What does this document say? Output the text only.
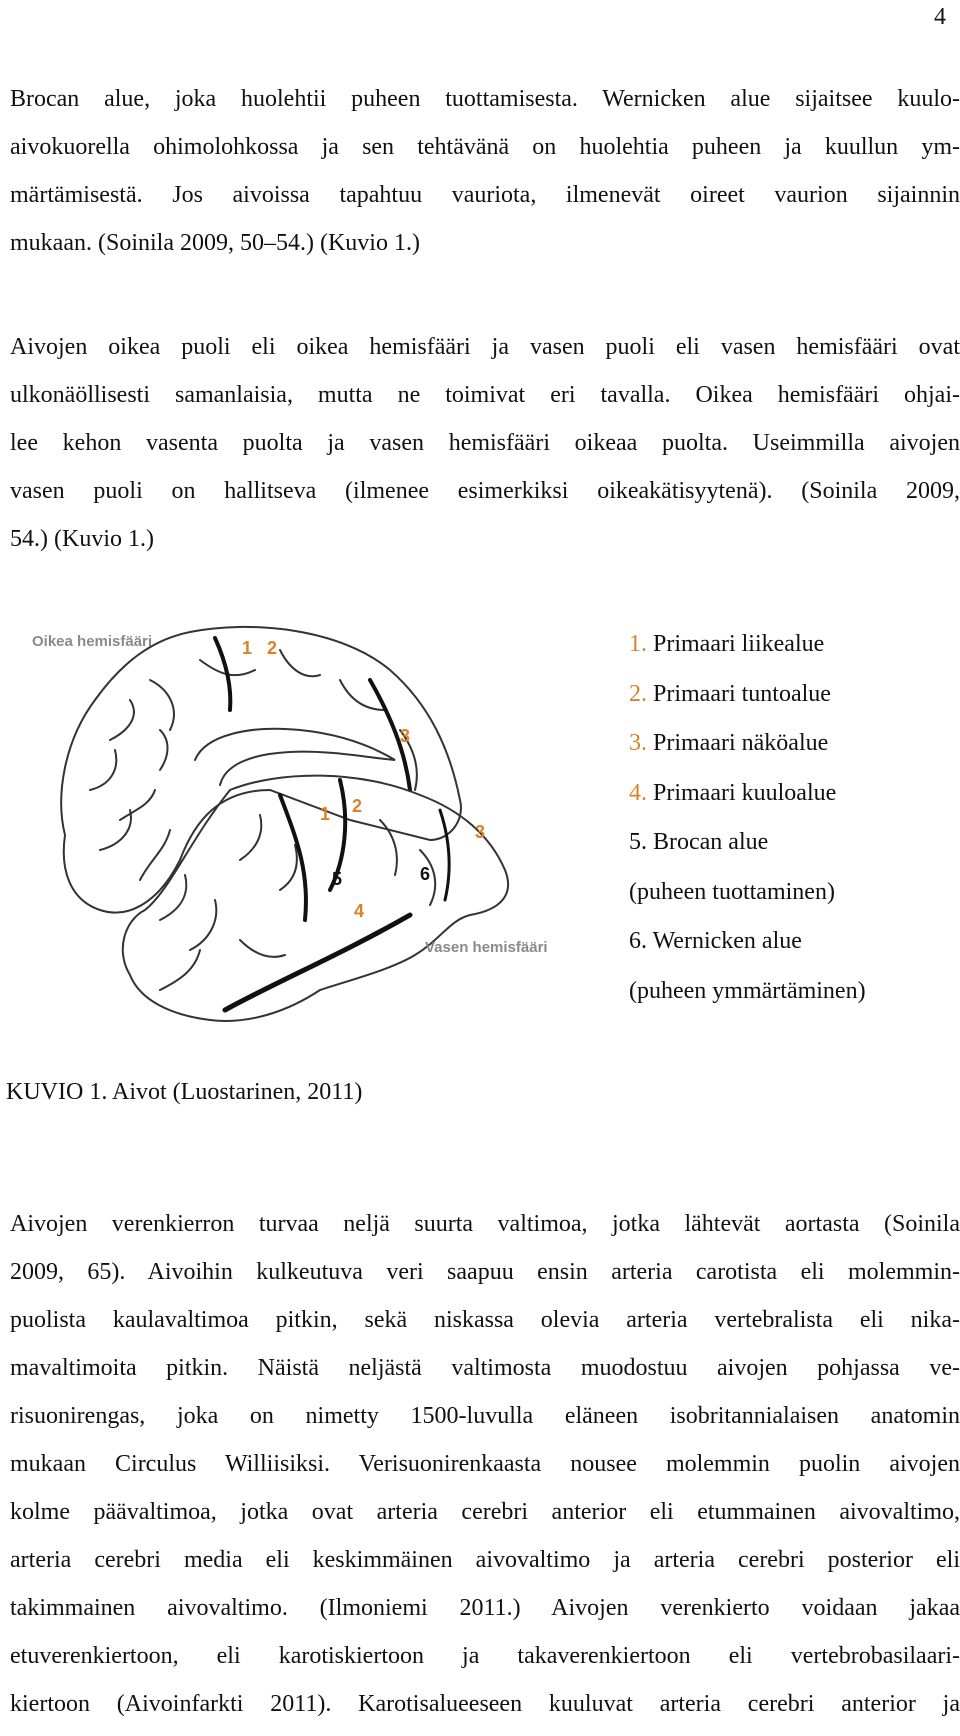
4
Brocan alue, joka huolehtii puheen tuottamisesta. Wernicken alue sijaitsee kuulo-
aivokuorella ohimolohkossa ja sen tehtävänä on huolehtia puheen ja kuullun ym-
märtämisestä. Jos aivoissa tapahtuu vauriota, ilmenevät oireet vaurion sijainnin
mukaan. (Soinila 2009, 50–54.) (Kuvio 1.)
Aivojen oikea puoli eli oikea hemisfääri ja vasen puoli eli vasen hemisfääri ovat
ulkonäöllisesti samanlaisia, mutta ne toimivat eri tavalla. Oikea hemisfääri ohjai-
lee kehon vasenta puolta ja vasen hemisfääri oikeaa puolta. Useimmilla aivojen
vasen puoli on hallitseva (ilmenee esimerkiksi oikeakätisyytenä). (Soinila 2009,
54.) (Kuvio 1.)
Oikea hemisfääri	1 2
3
1 2
3
4
5	6
Vasen hemisfääri
1. Primaari liikealue
2. Primaari tuntoalue
3. Primaari näköalue
4. Primaari kuuloalue
5. Brocan alue
(puheen tuottaminen)
6. Wernicken alue
(puheen ymmärtäminen)

KUVIO 1. Aivot (Luostarinen, 2011)

Aivojen verenkierron turvaa neljä suurta valtimoa, jotka lähtevät aortasta (Soinila
2009, 65). Aivoihin kulkeutuva veri saapuu ensin arteria carotista eli molemmin-
puolista kaulavaltimoa pitkin, sekä niskassa olevia arteria vertebralista eli nika-
mavaltimoita pitkin. Näistä neljästä valtimosta muodostuu aivojen pohjassa ve-
risuonirengas, joka on nimetty 1500-luvulla eläneen isobritannialaisen anatomin
mukaan Circulus Williisiksi. Verisuonirenkaasta nousee molemmin puolin aivojen
kolme päävaltimoa, jotka ovat arteria cerebri anterior eli etummainen aivovaltimo,
arteria cerebri media eli keskimmäinen aivovaltimo ja arteria cerebri posterior eli
takimmainen aivovaltimo. (Ilmoniemi 2011.) Aivojen verenkierto voidaan jakaa
etuverenkiertoon, eli karotiskiertoon ja takaverenkiertoon eli vertebrobasilaari-
kiertoon (Aivoinfarkti 2011). Karotisalueeseen kuuluvat arteria cerebri anterior ja
